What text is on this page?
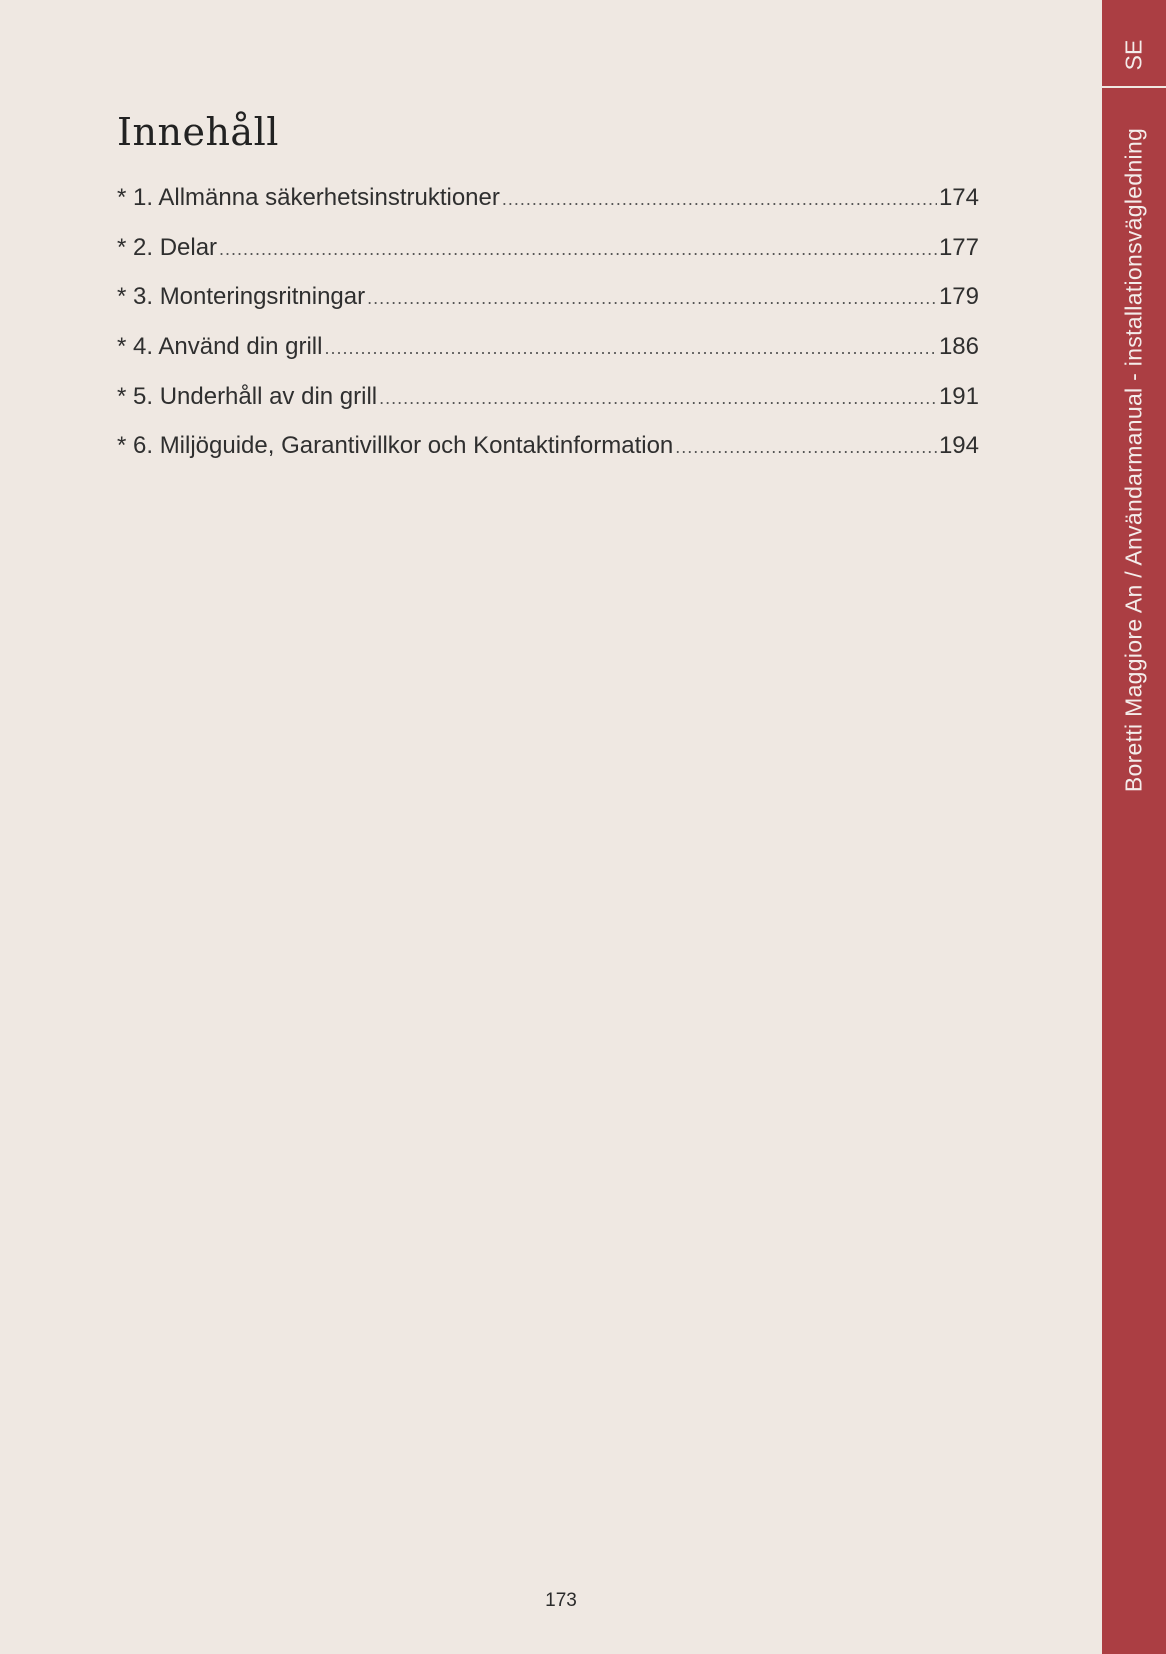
Innehåll
* 1. Allmänna säkerhetsinstruktioner .....	174
* 2. Delar .....	177
* 3. Monteringsritningar .....	179
* 4. Använd din grill .....	186
* 5. Underhåll av din grill .....	191
* 6. Miljöguide, Garantivillkor och Kontaktinformation .....	194
173
SE
Boretti Maggiore An / Användarmanual - installationsvägledning
